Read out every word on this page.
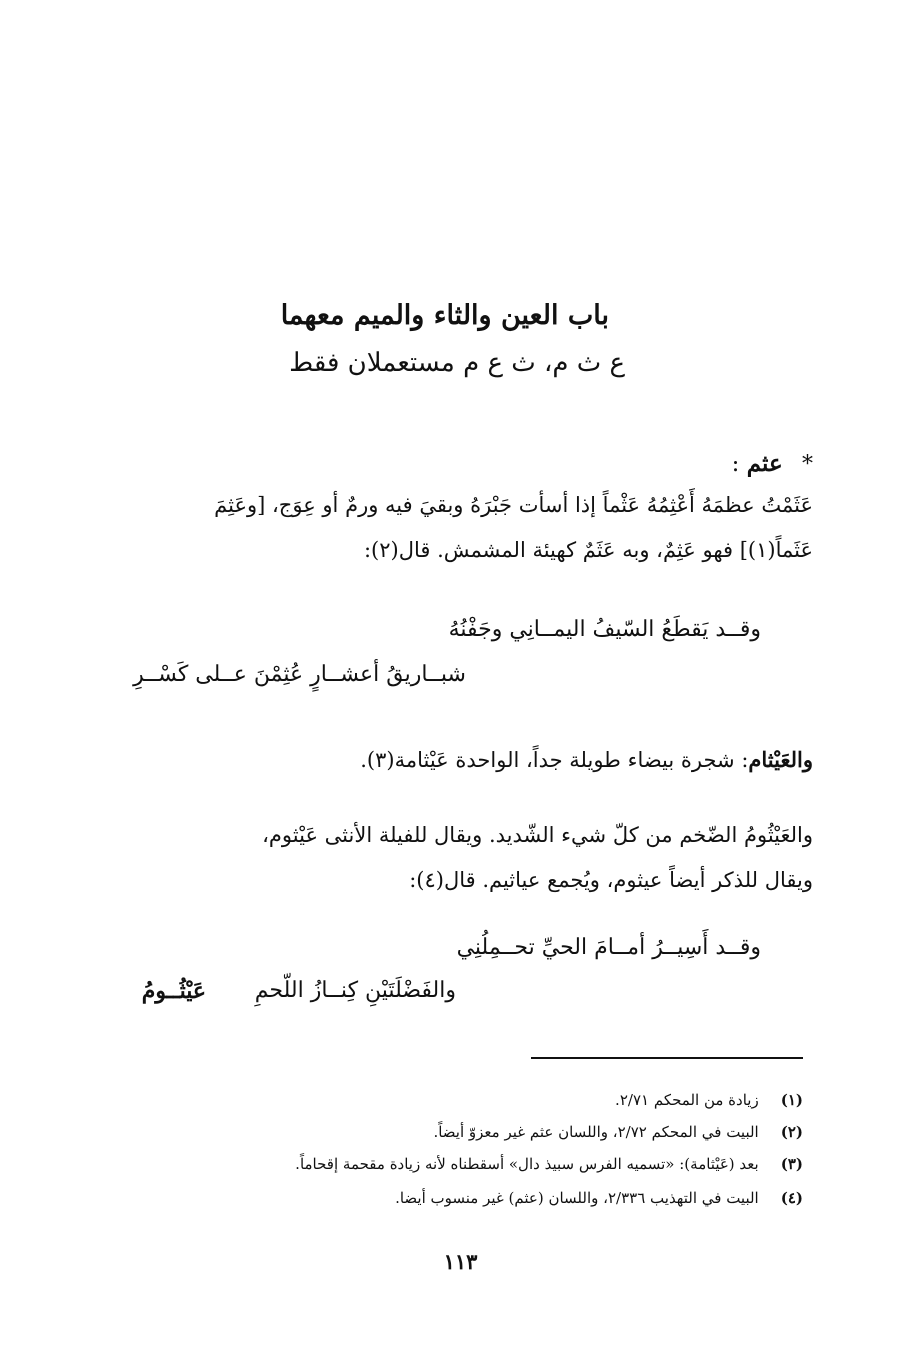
باب العين والثاء والميم معهما
ع ث م، ث ع م مستعملان فقط
* عثم :
عَثَمْتُ عظمَهُ أَعْثِمُهُ عَثْماً إذا أسأت جَبْرَهُ وبقيَ فيه ورمٌ أو عِوَج، [وعَثِمَ
عَثَماً(١)] فهو عَثِمٌ، وبه عَثَمٌ كهيئة المشمش. قال(٢):
وقــد يَقطَعُ السّيفُ اليمــانِي وجَفْنُهُ
شبــاريقُ أعشــارٍ عُثِمْنَ عــلى كَسْــرِ
والعَيْثام: شجرة بيضاء طويلة جداً، الواحدة عَيْثامة(٣).
والعَيْثُومُ الضّخم من كلّ شيء الشّديد. ويقال للفيلة الأنثى عَيْثوم،
ويقال للذكر أيضاً عيثوم، ويُجمع عياثيم. قال(٤):
وقــد أَسِيــرُ أمــامَ الحيِّ تحــمِلُنِي
والفَضْلَتَيْنِ كِنــازُ اللّحمِ
عَيْثُــومُ
(١)زيادة من المحكم ٢/٧١.
(٢)البيت في المحكم ٢/٧٢، واللسان عثم غير معزوّ أيضاً.
(٣)بعد (عَيْثامة): «تسميه الفرس سبيذ دال» أسقطناه لأنه زيادة مقحمة إقحاماً.
(٤)البيت في التهذيب ٢/٣٣٦، واللسان (عثم) غير منسوب أيضا.
١١٣
